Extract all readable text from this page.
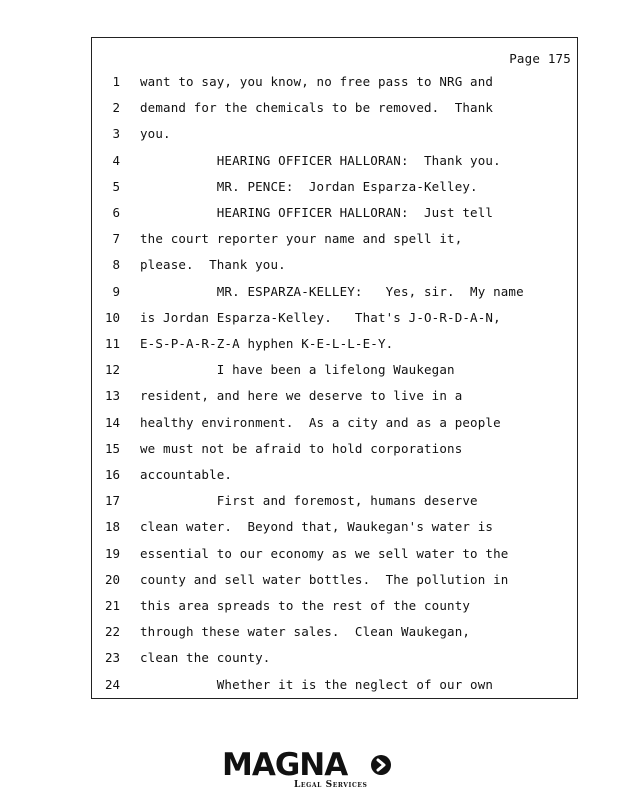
Page 175
1 want to say, you know, no free pass to NRG and
2 demand for the chemicals to be removed.  Thank
3 you.
4 HEARING OFFICER HALLORAN:  Thank you.
5 MR. PENCE:  Jordan Esparza-Kelley.
6 HEARING OFFICER HALLORAN:  Just tell
7 the court reporter your name and spell it,
8 please.  Thank you.
9 MR. ESPARZA-KELLEY:   Yes, sir.  My name
10 is Jordan Esparza-Kelley.   That's J-O-R-D-A-N,
11 E-S-P-A-R-Z-A hyphen K-E-L-L-E-Y.
12 I have been a lifelong Waukegan
13 resident, and here we deserve to live in a
14 healthy environment.  As a city and as a people
15 we must not be afraid to hold corporations
16 accountable.
17 First and foremost, humans deserve
18 clean water.  Beyond that, Waukegan's water is
19 essential to our economy as we sell water to the
20 county and sell water bottles.  The pollution in
21 this area spreads to the rest of the county
22 through these water sales.  Clean Waukegan,
23 clean the county.
24 Whether it is the neglect of our own
MAGNA
Legal Services
